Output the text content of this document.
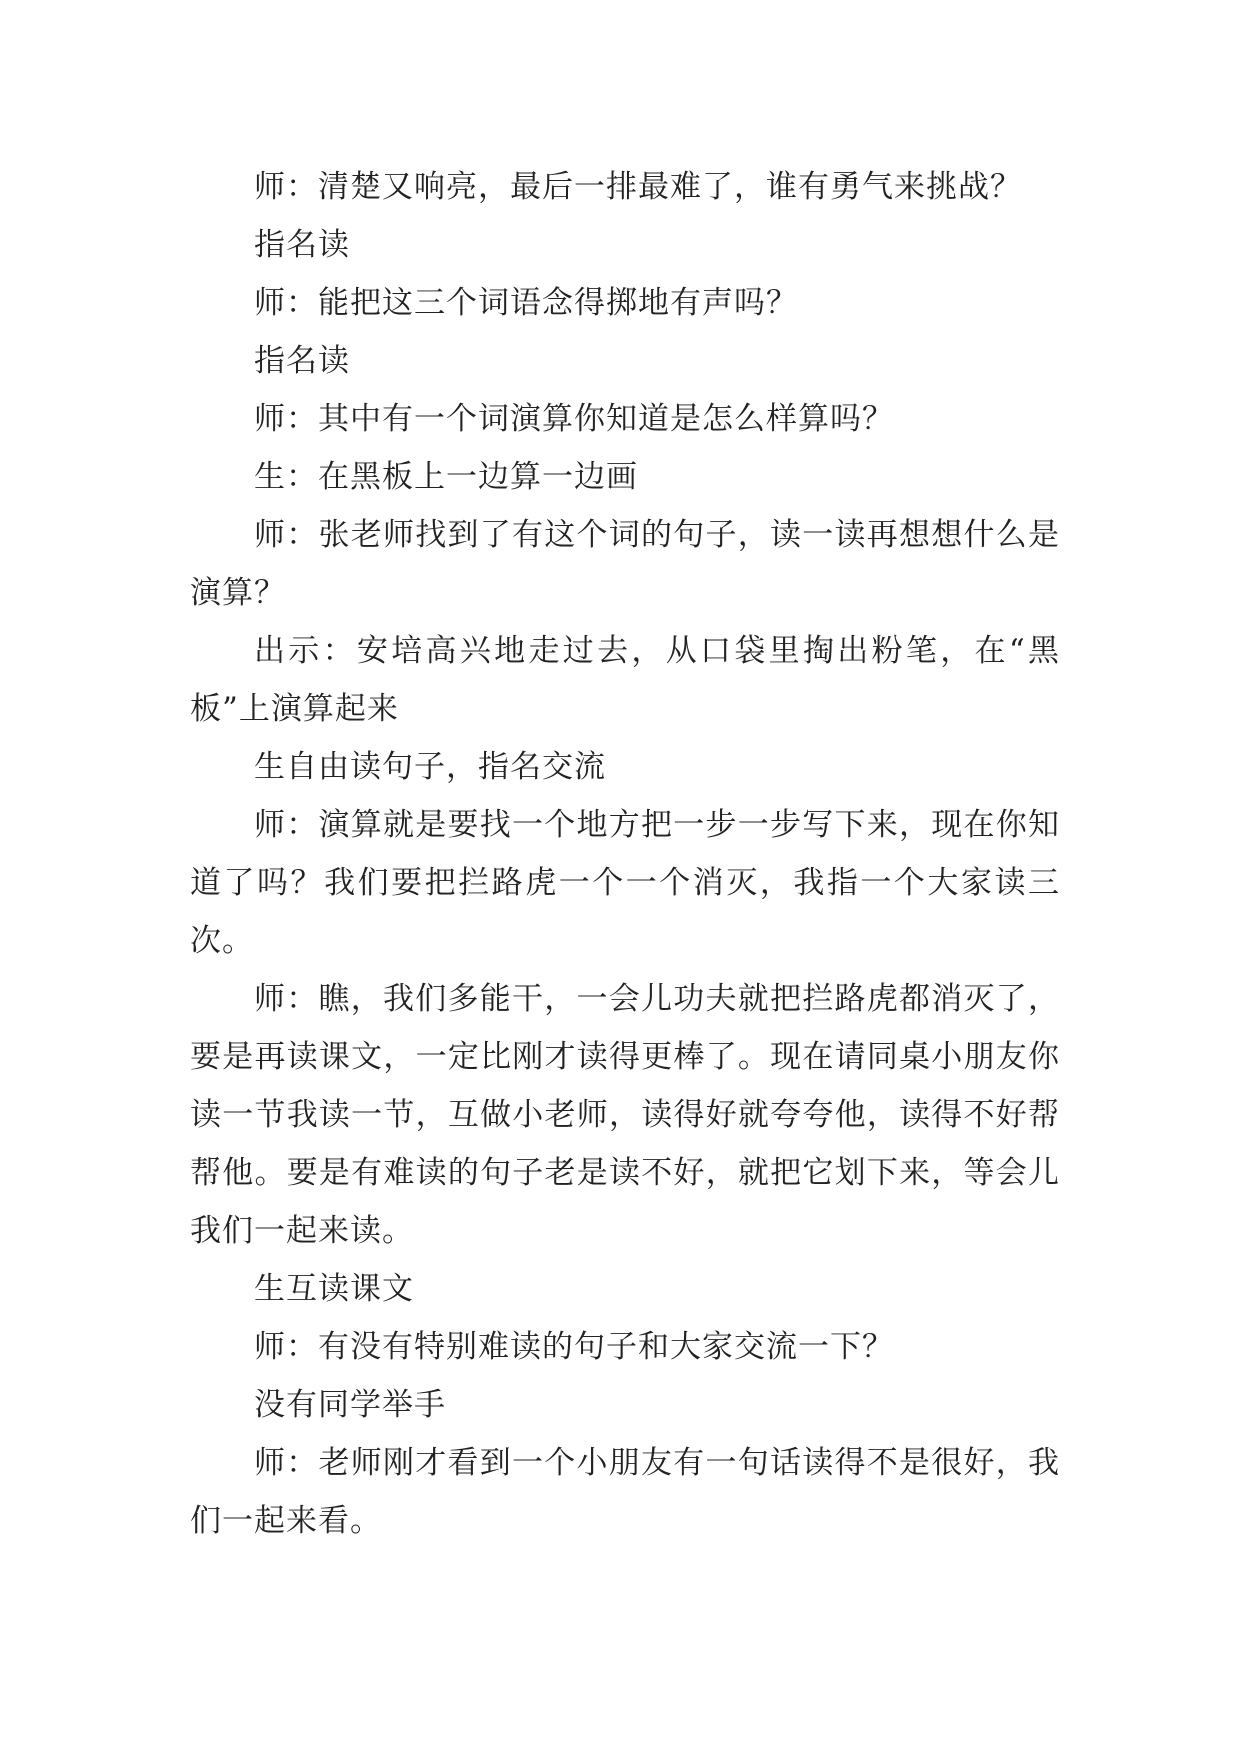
师：清楚又响亮，最后一排最难了，谁有勇气来挑战？

指名读

师：能把这三个词语念得掷地有声吗？

指名读

师：其中有一个词演算你知道是怎么样算吗？

生：在黑板上一边算一边画

师：张老师找到了有这个词的句子，读一读再想想什么是演算？

出示：安培高兴地走过去，从口袋里掏出粉笔，在“黑板”上演算起来

生自由读句子，指名交流

师：演算就是要找一个地方把一步一步写下来，现在你知道了吗？我们要把拦路虎一个一个消灭，我指一个大家读三次。

师：瞧，我们多能干，一会儿功夫就把拦路虎都消灭了，要是再读课文，一定比刚才读得更棒了。现在请同桌小朋友你读一节我读一节，互做小老师，读得好就夸夸他，读得不好帮帮他。要是有难读的句子老是读不好，就把它划下来，等会儿我们一起来读。

生互读课文

师：有没有特别难读的句子和大家交流一下？

没有同学举手

师：老师刚才看到一个小朋友有一句话读得不是很好，我们一起来看。
